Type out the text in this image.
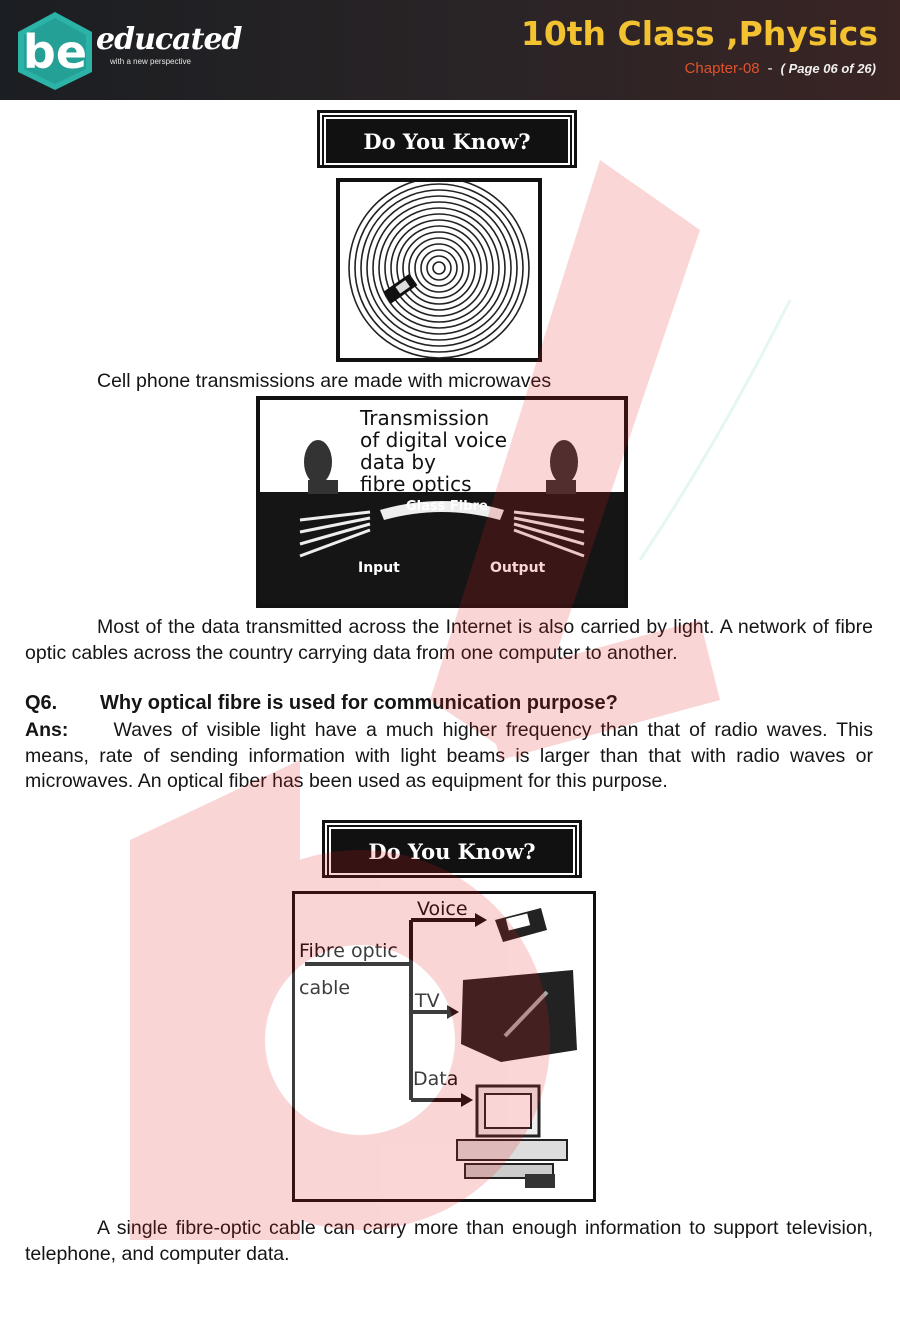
be educated
with a new perspective
10th Class ,Physics
Chapter-08 - ( Page 06 of 26)
Do You Know?
Cell phone transmissions are made with microwaves
Transmission
of digital voice
data by
fibre optics
Glass Fibre
Input	Output
Most of the data transmitted across the Internet is also carried by light. A network of fibre optic cables across the country carrying data from one computer to another.
Q6. Why optical fibre is used for communication purpose?
Ans: Waves of visible light have a much higher frequency than that of radio waves. This means, rate of sending information with light beams is larger than that with radio waves or microwaves. An optical fiber has been used as equipment for this purpose.
Do You Know?
Fibre optic
cable
Voice
TV
Data
A single fibre-optic cable can carry more than enough information to support television, telephone, and computer data.
